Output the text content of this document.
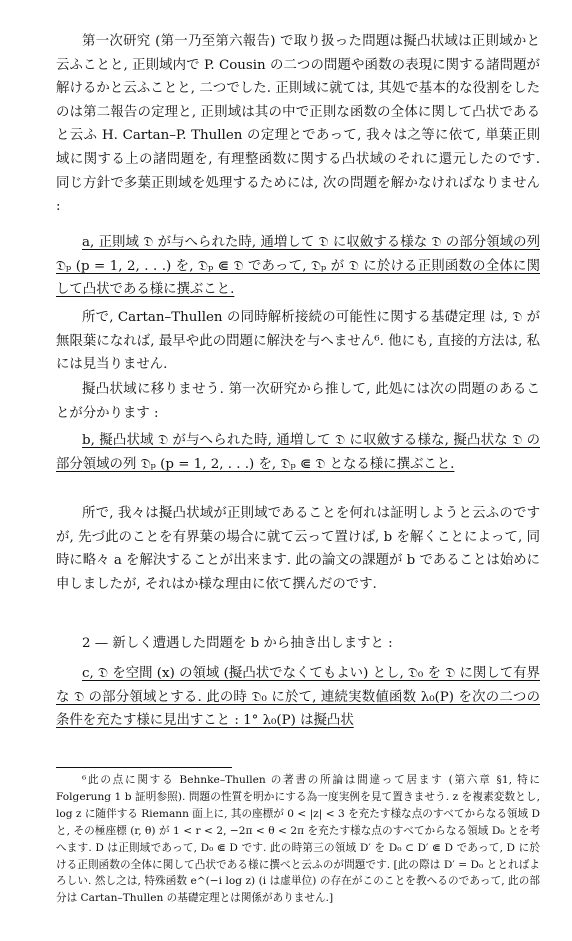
第一次研究 (第一乃至第六報告) で取り扱った問題は擬凸状域は正則域かと云ふことと, 正則域内で P. Cousin の二つの問題や函数の表現に関する諸問題が解けるかと云ふことと, 二つでした. 正則域に就ては, 其処で基本的な役割をしたのは第二報告の定理と, 正則域は其の中で正則な函数の全体に関して凸状であると云ふ H. Cartan–P. Thullen の定理とであって, 我々は之等に依て, 単葉正則域に関する上の諸問題を, 有理整函数に関する凸状域のそれに還元したのです. 同じ方針で多葉正則域を処理するためには, 次の問題を解かなければなりません :

a, 正則域 𝔇 が与へられた時, 通増して 𝔇 に収斂する様な 𝔇 の部分領域の列 𝔇ₚ (p = 1, 2, . . .) を, 𝔇ₚ ⋐ 𝔇 であって, 𝔇ₚ が 𝔇 に於ける正則函数の全体に関して凸状である様に撰ぶこと.

所で, Cartan–Thullen の同時解析接続の可能性に関する基礎定理 は, 𝔇 が無限葉になれば, 最早や此の問題に解決を与へません⁶. 他にも, 直接的方法は, 私には見当りません.

擬凸状域に移りませう. 第一次研究から推して, 此処には次の問題のあることが分かります :

b, 擬凸状域 𝔇 が与へられた時, 通増して 𝔇 に収斂する様な, 擬凸状な 𝔇 の部分領域の列 𝔇ₚ (p = 1, 2, . . .) を, 𝔇ₚ ⋐ 𝔇 となる様に撰ぶこと.

所で, 我々は擬凸状域が正則域であることを何れは証明しようと云ふのですが, 先づ此のことを有界葉の場合に就て云って置けば, b を解くことによって, 同時に略々 a を解決することが出来ます. 此の論文の課題が b であることは始めに申しましたが, それはか様な理由に依て撰んだのです.

2 — 新しく遭遇した問題を b から抽き出しますと :

c, 𝔇 を空間 (x) の領域 (擬凸状でなくてもよい) とし, 𝔇₀ を 𝔇 に関して有界な 𝔇 の部分領域とする. 此の時 𝔇₀ に於て, 連続実数値函数 λ₀(P) を次の二つの条件を充たす様に見出すこと : 1° λ₀(P) は擬凸状

⁶此の点に関する Behnke–Thullen の著書の所論は間違って居ます (第六章 §1, 特に Folgerung 1 b 証明参照). 問題の性質を明かにする為一度実例を見て置きませう. z を複素変数とし, log z に随伴する Riemann 面上に, 其の座標が 0 < |z| < 3 を充たす様な点のすべてからなる領域 D と, その極座標 (r, θ) が 1 < r < 2, −2π < θ < 2π を充たす様な点のすべてからなる領域 D₀ とを考へます. D は正則域であって, D₀ ⋐ D です. 此の時第三の領域 D′ を D₀ ⊂ D′ ⋐ D であって, D に於ける正則函数の全体に関して凸状である様に撰べと云ふのが問題です. [此の際は D′ = D₀ ととればよろしい. 然し之は, 特殊函数 e^(−i log z) (i は虚単位) の存在がこのことを教へるのであって, 此の部分は Cartan–Thullen の基礎定理とは関係がありません.]
